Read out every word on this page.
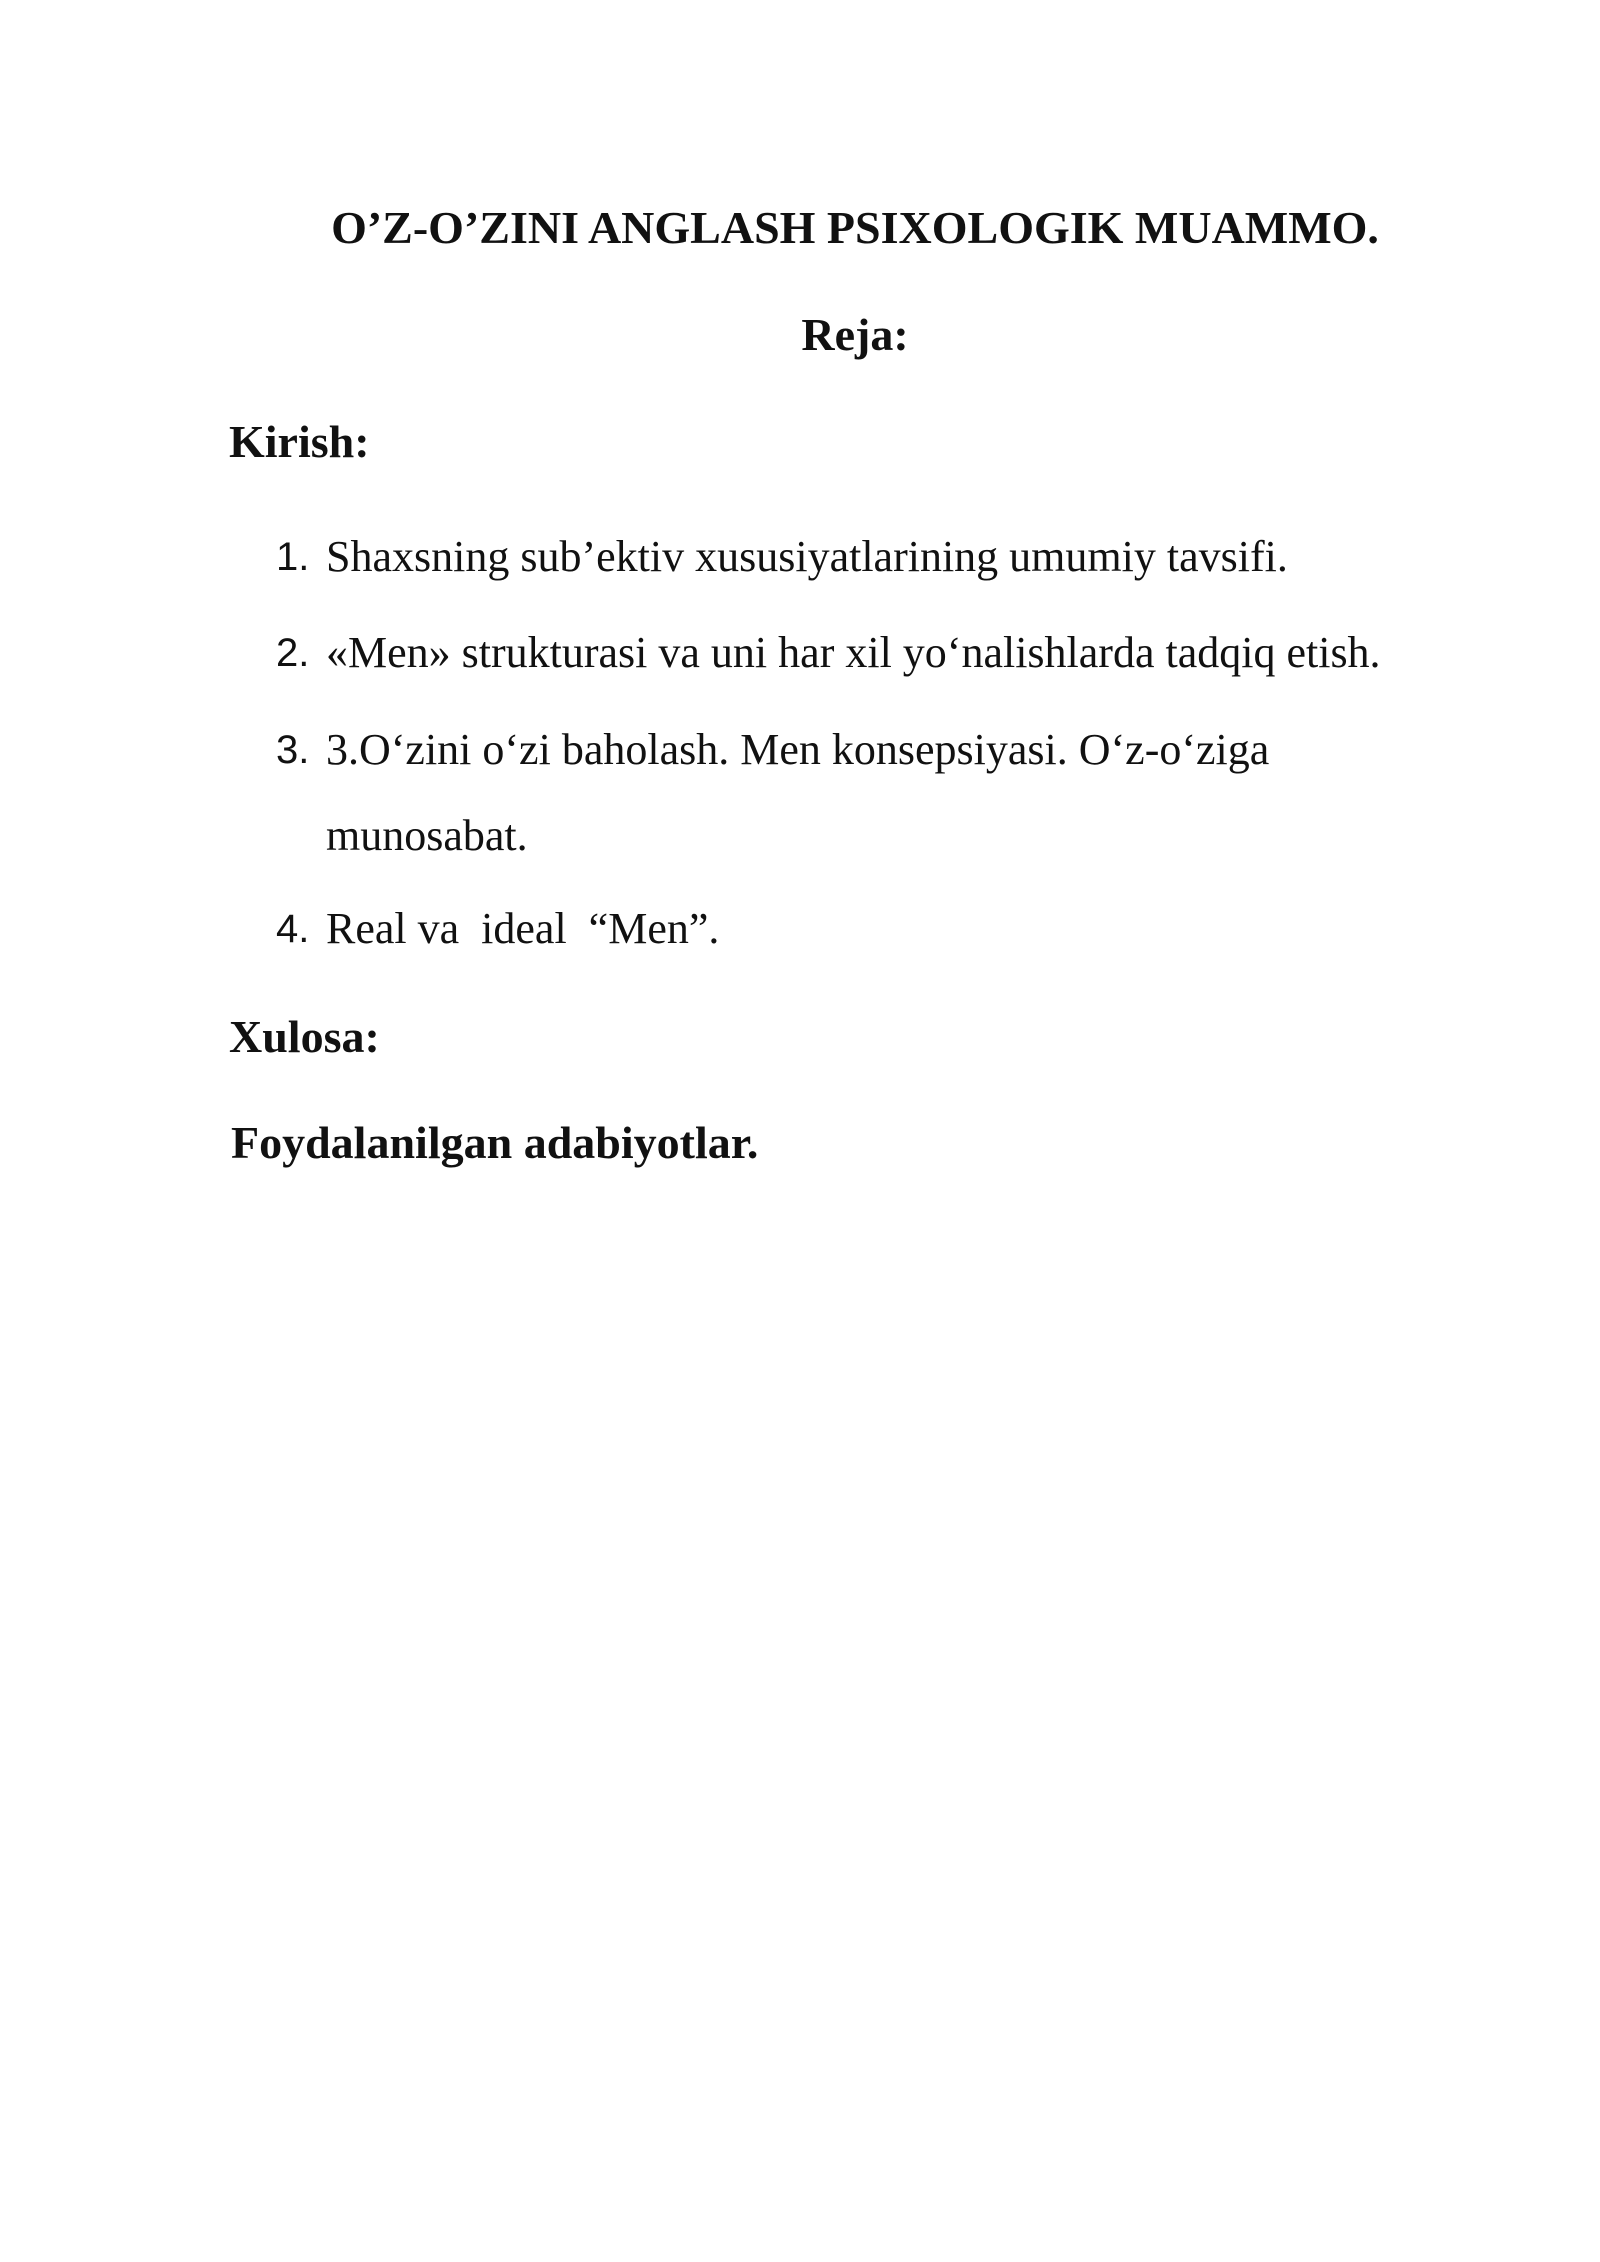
O’Z-O’ZINI ANGLASH PSIXOLOGIK MUAMMO.
Reja:
Kirish:
1. Shaxsning sub’ektiv xususiyatlarining umumiy tavsifi.
2. «Men» strukturasi va uni har xil yo‘nalishlarda tadqiq etish.
3. 3.O‘zini o‘zi baholash. Men konsepsiyasi. O‘z-o‘ziga munosabat.
4. Real va  ideal  “Men”.
Xulosa:
Foydalanilgan adabiyotlar.
